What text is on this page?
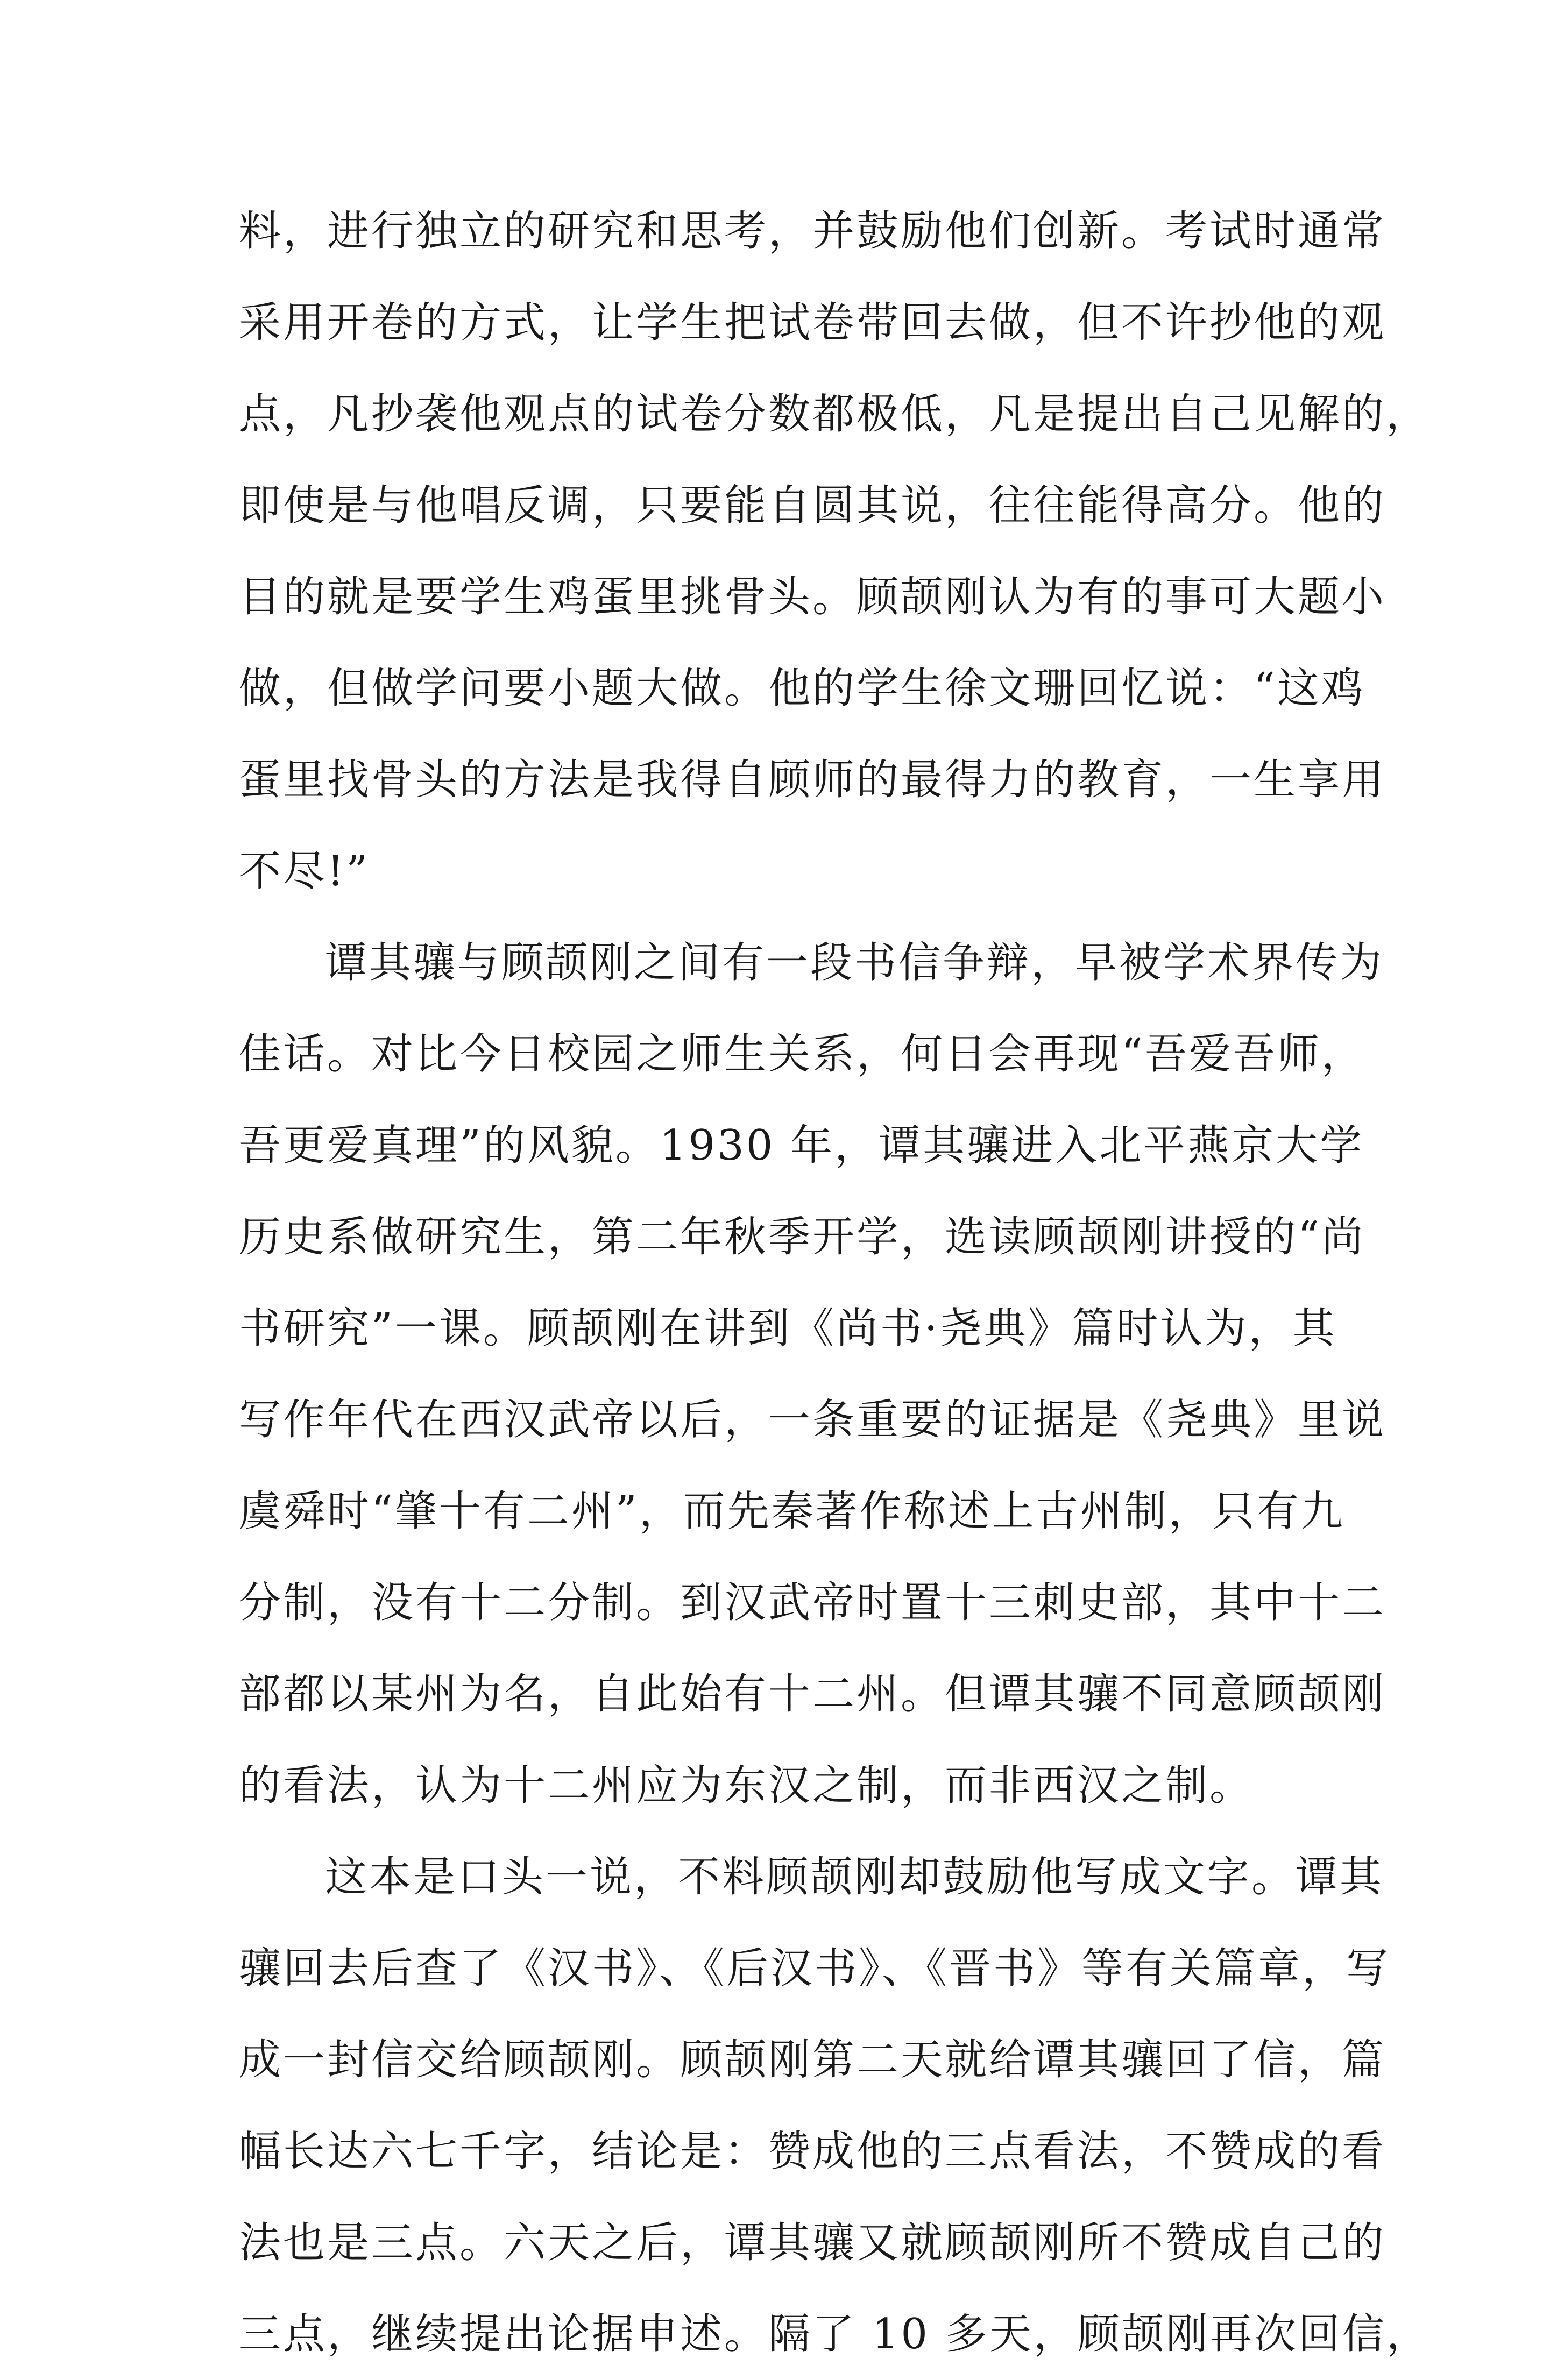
料，进行独立的研究和思考，并鼓励他们创新。考试时通常
采用开卷的方式，让学生把试卷带回去做，但不许抄他的观
点，凡抄袭他观点的试卷分数都极低，凡是提出自己见解的，
即使是与他唱反调，只要能自圆其说，往往能得高分。他的
目的就是要学生鸡蛋里挑骨头。顾颉刚认为有的事可大题小
做，但做学问要小题大做。他的学生徐文珊回忆说：“这鸡
蛋里找骨头的方法是我得自顾师的最得力的教育，一生享用
不尽!”
谭其骧与顾颉刚之间有一段书信争辩，早被学术界传为
佳话。对比今日校园之师生关系，何日会再现“吾爱吾师，
吾更爱真理”的风貌。1930 年，谭其骧进入北平燕京大学
历史系做研究生，第二年秋季开学，选读顾颉刚讲授的“尚
书研究”一课。顾颉刚在讲到《尚书·尧典》篇时认为，其
写作年代在西汉武帝以后，一条重要的证据是《尧典》里说
虞舜时“肇十有二州”，而先秦著作称述上古州制，只有九
分制，没有十二分制。到汉武帝时置十三刺史部，其中十二
部都以某州为名，自此始有十二州。但谭其骧不同意顾颉刚
的看法，认为十二州应为东汉之制，而非西汉之制。
这本是口头一说，不料顾颉刚却鼓励他写成文字。谭其
骧回去后查了《汉书》、《后汉书》、《晋书》等有关篇章，写
成一封信交给顾颉刚。顾颉刚第二天就给谭其骧回了信，篇
幅长达六七千字，结论是：赞成他的三点看法，不赞成的看
法也是三点。六天之后，谭其骧又就顾颉刚所不赞成自己的
三点，继续提出论据申述。隔了 10 多天，顾颉刚再次回信，
